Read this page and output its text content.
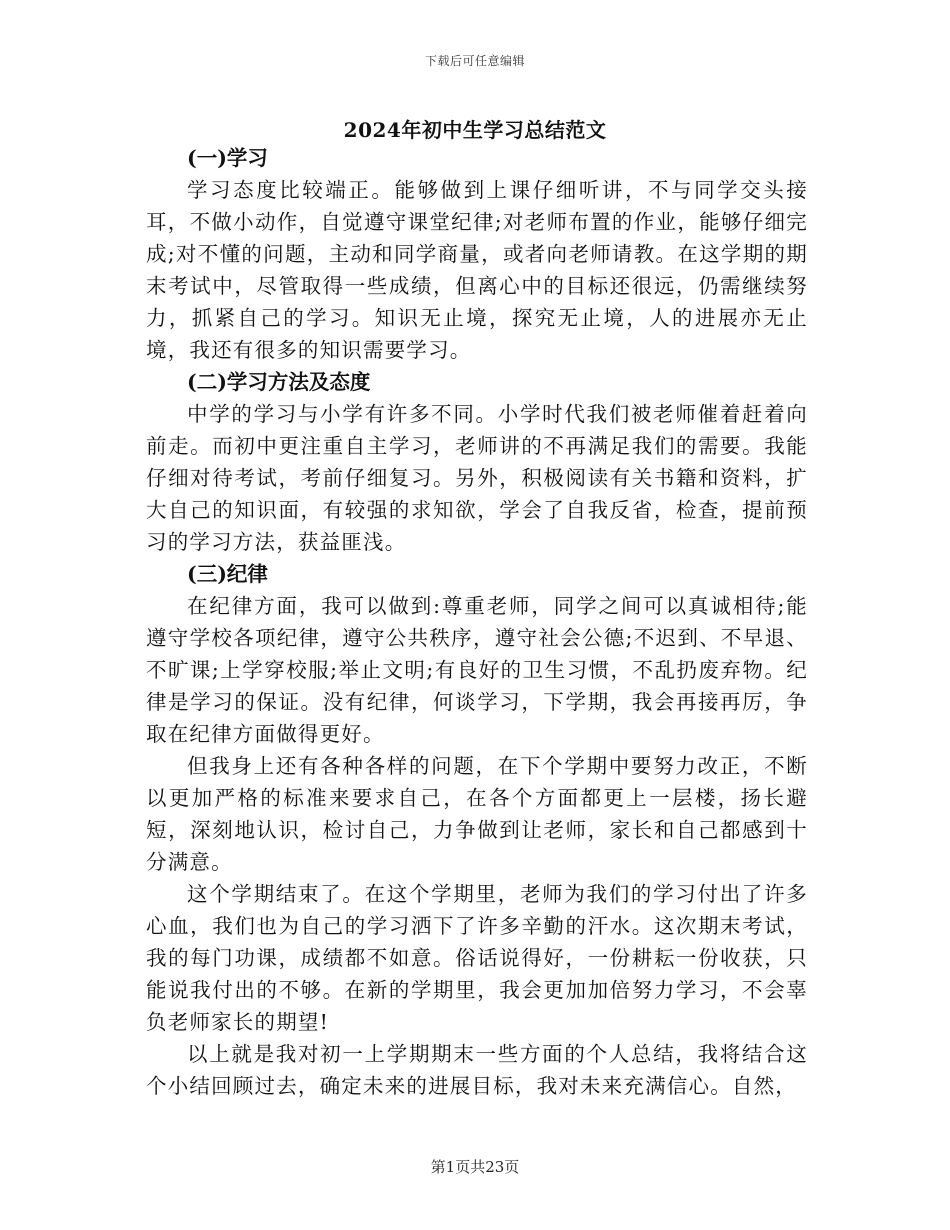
下载后可任意编辑
2024年初中生学习总结范文

(一)学习

学习态度比较端正。能够做到上课仔细听讲，不与同学交头接耳，不做小动作，自觉遵守课堂纪律;对老师布置的作业，能够仔细完成;对不懂的问题，主动和同学商量，或者向老师请教。在这学期的期末考试中，尽管取得一些成绩，但离心中的目标还很远，仍需继续努力，抓紧自己的学习。知识无止境，探究无止境，人的进展亦无止境，我还有很多的知识需要学习。

(二)学习方法及态度

中学的学习与小学有许多不同。小学时代我们被老师催着赶着向前走。而初中更注重自主学习，老师讲的不再满足我们的需要。我能仔细对待考试，考前仔细复习。另外，积极阅读有关书籍和资料，扩大自己的知识面，有较强的求知欲，学会了自我反省，检查，提前预习的学习方法，获益匪浅。

(三)纪律

在纪律方面，我可以做到:尊重老师，同学之间可以真诚相待;能遵守学校各项纪律，遵守公共秩序，遵守社会公德;不迟到、不早退、不旷课;上学穿校服;举止文明;有良好的卫生习惯，不乱扔废弃物。纪律是学习的保证。没有纪律，何谈学习，下学期，我会再接再厉，争取在纪律方面做得更好。

但我身上还有各种各样的问题，在下个学期中要努力改正，不断以更加严格的标准来要求自己，在各个方面都更上一层楼，扬长避短，深刻地认识，检讨自己，力争做到让老师，家长和自己都感到十分满意。

这个学期结束了。在这个学期里，老师为我们的学习付出了许多心血，我们也为自己的学习洒下了许多辛勤的汗水。这次期末考试，我的每门功课，成绩都不如意。俗话说得好，一份耕耘一份收获，只能说我付出的不够。在新的学期里，我会更加加倍努力学习，不会辜负老师家长的期望!

以上就是我对初一上学期期末一些方面的个人总结，我将结合这个小结回顾过去，确定未来的进展目标，我对未来充满信心。自然，

第1页共23页
